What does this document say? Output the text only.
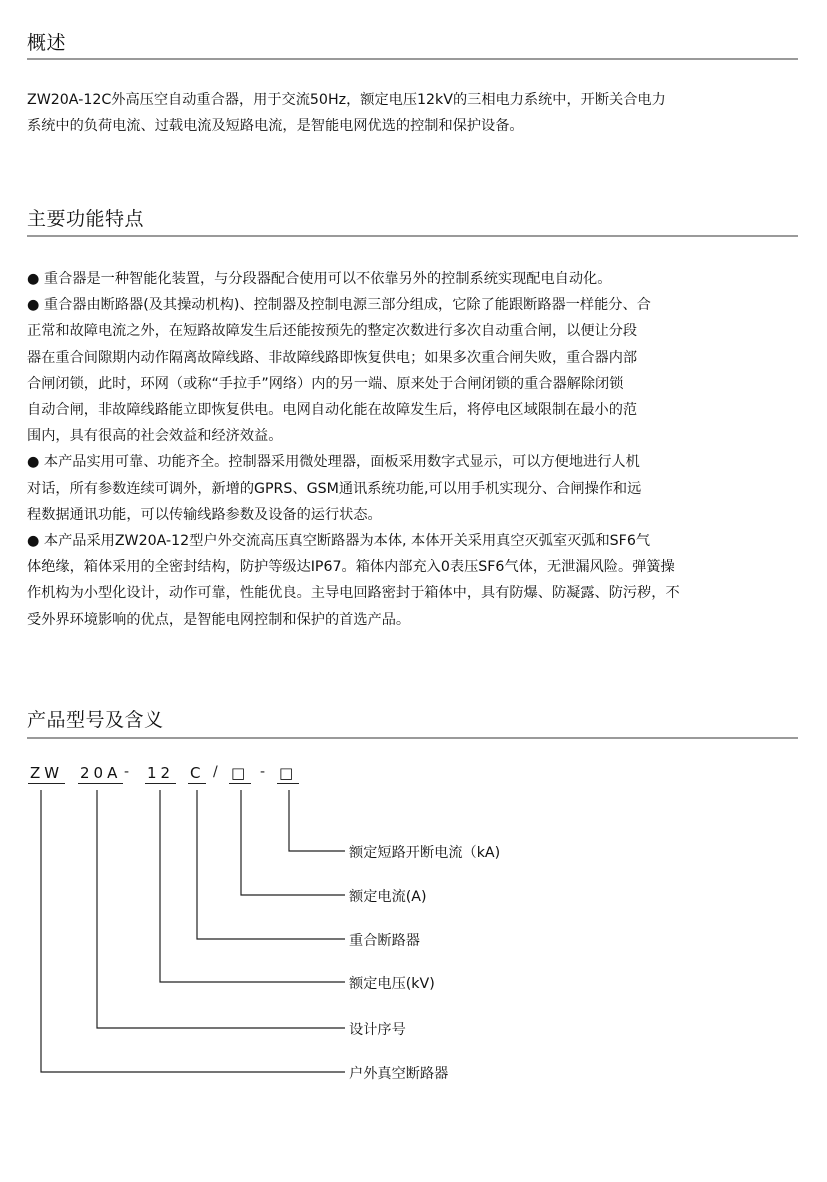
概述

ZW20A-12C外高压空自动重合器，用于交流50Hz，额定电压12kV的三相电力系统中，开断关合电力
系统中的负荷电流、过载电流及短路电流，是智能电网优选的控制和保护设备。

主要功能特点
● 重合器是一种智能化装置，与分段器配合使用可以不依靠另外的控制系统实现配电自动化。
● 重合器由断路器(及其操动机构)、控制器及控制电源三部分组成，它除了能跟断路器一样能分、合
正常和故障电流之外，在短路故障发生后还能按预先的整定次数进行多次自动重合闸，以便让分段
器在重合间隙期内动作隔离故障线路、非故障线路即恢复供电；如果多次重合闸失败，重合器内部
合闸闭锁，此时，环网（或称“手拉手”网络）内的另一端、原来处于合闸闭锁的重合器解除闭锁
自动合闸，非故障线路能立即恢复供电。电网自动化能在故障发生后，将停电区域限制在最小的范
围内，具有很高的社会效益和经济效益。
● 本产品实用可靠、功能齐全。控制器采用微处理器，面板采用数字式显示，可以方便地进行人机
对话，所有参数连续可调外，新增的GPRS、GSM通讯系统功能,可以用手机实现分、合闸操作和远
程数据通讯功能，可以传输线路参数及设备的运行状态。
● 本产品采用ZW20A-12型户外交流高压真空断路器为本体, 本体开关采用真空灭弧室灭弧和SF6气
体绝缘，箱体采用的全密封结构，防护等级达IP67。箱体内部充入0表压SF6气体，无泄漏风险。弹簧操
作机构为小型化设计，动作可靠，性能优良。主导电回路密封于箱体中，具有防爆、防凝露、防污秽，不
受外界环境影响的优点，是智能电网控制和保护的首选产品。
产品型号及含义
ZW 20A - 12 C / □ - □
额定短路开断电流（kA)
额定电流(A)
重合断路器
额定电压(kV)
设计序号
户外真空断路器
